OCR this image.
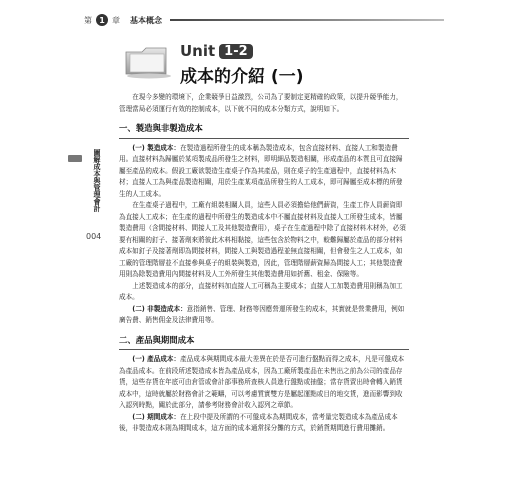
第 1 章 基本概念
Unit 1-2
成本的介紹 (一)
圖解成本與管理會計
004

在現今多變的環境下，企業競爭日益激烈，公司為了要制定更精確的政策，以提升競爭能力，管理當局必須運行有效的控制成本，以下就不同的成本分類方式，說明如下。

一、製造與非製造成本

(一) 製造成本：在製造過程所發生的成本稱為製造成本，包含直接材料、直接人工和製造費用。直接材料為歸屬於某項製成品所發生之材料，即明細品製造相關，形成產品的本質且可直接歸屬至產品的成本。假設工廠欲製造生產桌子作為其產品，則在桌子的生產過程中，直接材料為木材；直接人工為與產品製造相關，用於生產某項產品所發生的人工成本，即可歸屬至成本標的所發生的人工成本。

在生產桌子過程中，工廠有組裝相關人員，這些人員必須擔給他們薪資，生產工作人員薪資即為直接人工成本；在生產的過程中所發生的製造成本中不屬直接材料及直接人工所發生成本，皆屬製造費用（含間接材料、間接人工及其他製造費用），桌子在生產過程中除了直接材料木材外，必須要有相關的釘子、接著劑來將彼此木料相黏接，這些包含於物料之中，較難歸屬於產品的部分材料成本如釘子及接著劑即為間接材料，間接人工與製造過程並無直接相關，但會發生之人工成本，如工廠的管理階層並不直接參與桌子的組裝與製造，因此，管理階層薪資歸為間接人工；其他製造費用則為除製造費用內間接材料及人工外所發生其他製造費用如折舊、租金、保險等。

上述製造成本的部分，直接材料加直接人工可稱為主要成本；直接人工加製造費用則稱為加工成本。

(二) 非製造成本：意指銷售、管理、財務等因應營運所發生的成本，其實就是營業費用，例如廣告費、銷售佣金及法律費用等。

二、產品與期間成本

(一) 產品成本：產品成本與期間成本最大差異在於是否可進行盤點而得之成本，凡是可盤成本為產品成本。在前段所述製造成本皆為產品成本，因為工廠所製產品在未售出之前為公司的產品存貨，這些存貨在年底可由倉管或會計部事務所查核人員進行盤點或抽盤；當存貨賣出時會轉入銷貨成本中，這時就屬於財務會計之範疇，可以考慮質實雙方是屬起運點或目的地交貨，進而影響到收入認列時點，關於此部分，請參考財務會計收入認列之章節。

(二) 期間成本：在上段中提及所謂的不可盤成本為期間成本，當考量完製造成本為產品成本後，非製造成本則為期間成本，這方面的成本通常採分攤的方式，於銷貨期間進行費用攤銷。
